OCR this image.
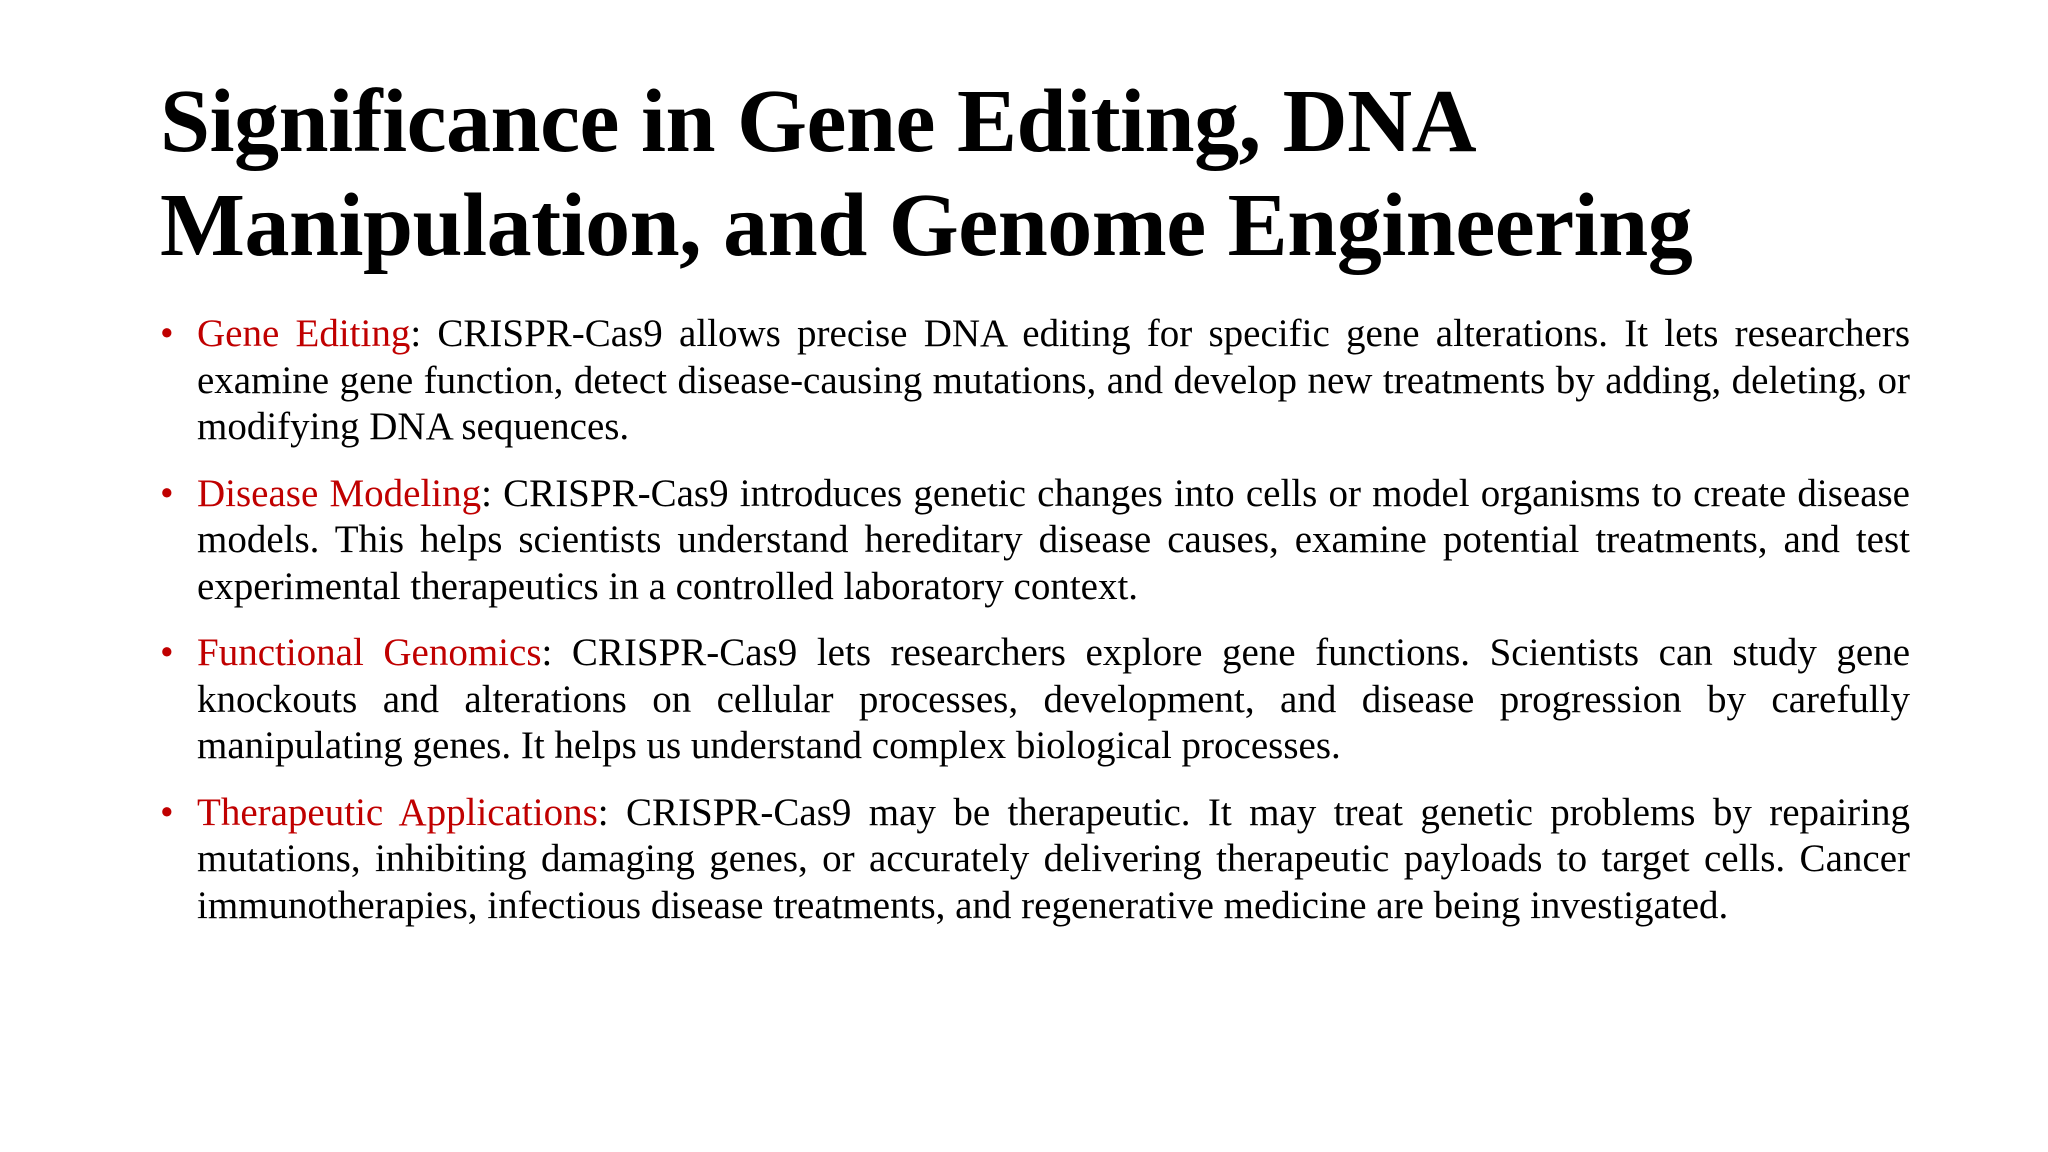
Significance in Gene Editing, DNA Manipulation, and Genome Engineering
• Gene Editing: CRISPR-Cas9 allows precise DNA editing for specific gene alterations. It lets researchers examine gene function, detect disease-causing mutations, and develop new treatments by adding, deleting, or modifying DNA sequences.
• Disease Modeling: CRISPR-Cas9 introduces genetic changes into cells or model organisms to create disease models. This helps scientists understand hereditary disease causes, examine potential treatments, and test experimental therapeutics in a controlled laboratory context.
• Functional Genomics: CRISPR-Cas9 lets researchers explore gene functions. Scientists can study gene knockouts and alterations on cellular processes, development, and disease progression by carefully manipulating genes. It helps us understand complex biological processes.
• Therapeutic Applications: CRISPR-Cas9 may be therapeutic. It may treat genetic problems by repairing mutations, inhibiting damaging genes, or accurately delivering therapeutic payloads to target cells. Cancer immunotherapies, infectious disease treatments, and regenerative medicine are being investigated.
